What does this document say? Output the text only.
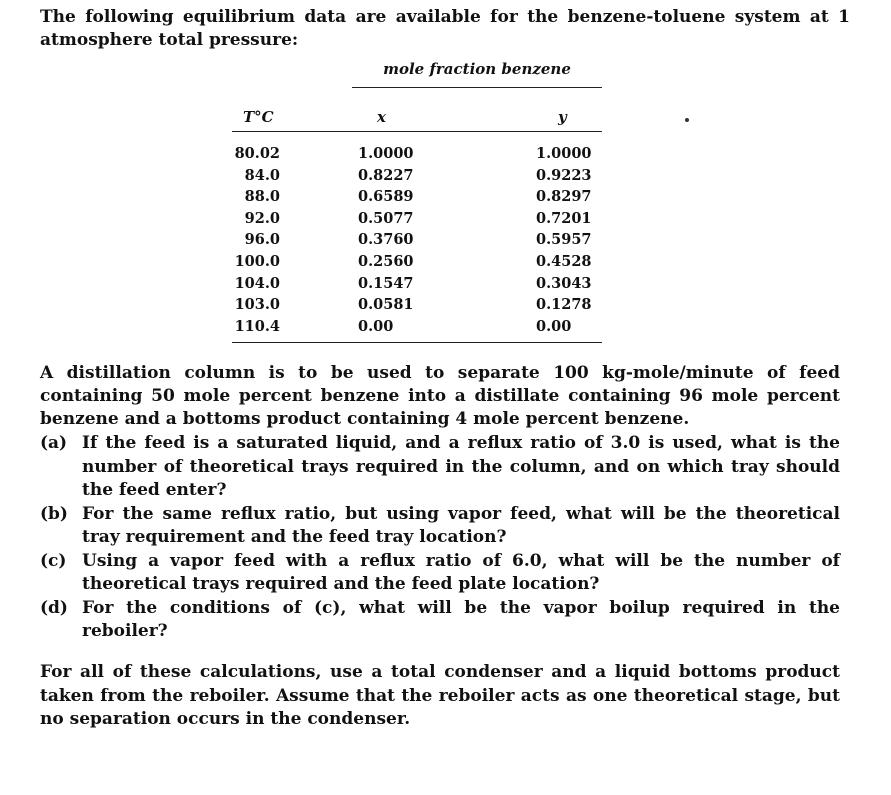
The following equilibrium data are available for the benzene-toluene system at 1 atmosphere total pressure:
mole fraction benzene
T°C	x	y
80.02	1.0000	1.0000
84.0	0.8227	0.9223
88.0	0.6589	0.8297
92.0	0.5077	0.7201
96.0	0.3760	0.5957
100.0	0.2560	0.4528
104.0	0.1547	0.3043
103.0	0.0581	0.1278
110.4	0.00	0.00
A distillation column is to be used to separate 100 kg-mole/minute of feed containing 50 mole percent benzene into a distillate containing 96 mole percent benzene and a bottoms product containing 4 mole percent benzene.
(a) If the feed is a saturated liquid, and a reflux ratio of 3.0 is used, what is the number of theoretical trays required in the column, and on which tray should the feed enter?
(b) For the same reflux ratio, but using vapor feed, what will be the theoretical tray requirement and the feed tray location?
(c) Using a vapor feed with a reflux ratio of 6.0, what will be the number of theoretical trays required and the feed plate location?
(d) For the conditions of (c), what will be the vapor boilup required in the reboiler?
For all of these calculations, use a total condenser and a liquid bottoms product taken from the reboiler. Assume that the reboiler acts as one theoretical stage, but no separation occurs in the condenser.
